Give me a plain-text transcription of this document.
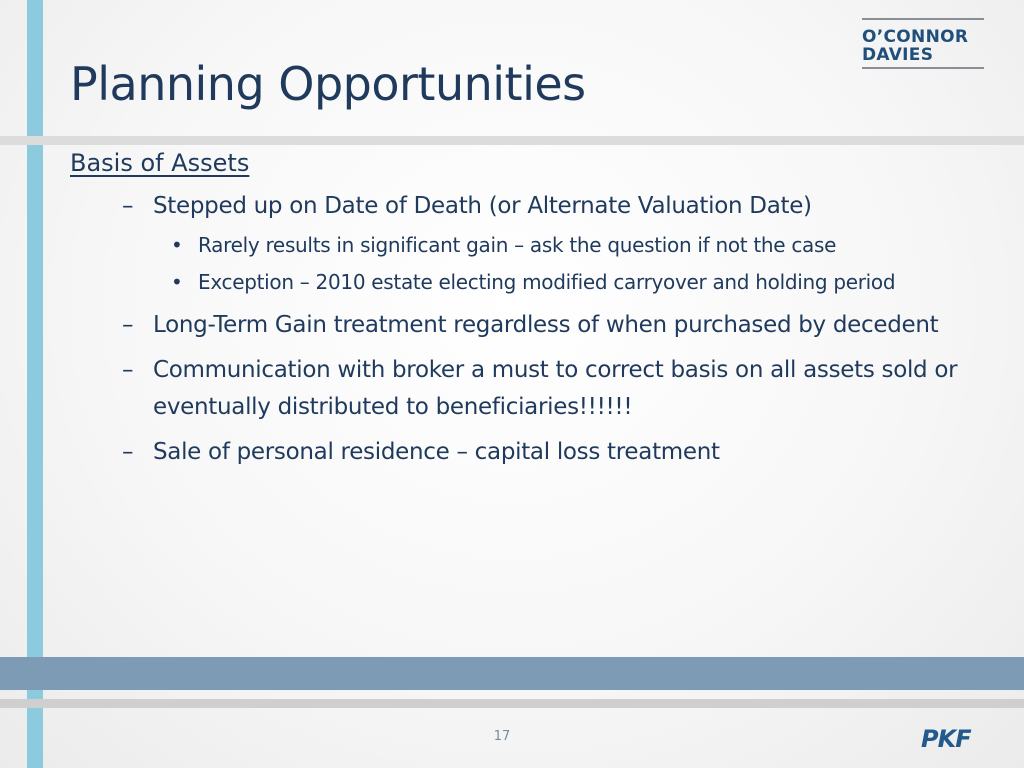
Planning Opportunities
O’CONNOR
DAVIES
Basis of Assets
– Stepped up on Date of Death (or Alternate Valuation Date)
• Rarely results in significant gain – ask the question if not the case
• Exception – 2010 estate electing modified carryover and holding period
– Long-Term Gain treatment regardless of when purchased by decedent
– Communication with broker a must to correct basis on all assets sold or eventually distributed to beneficiaries!!!!!!
– Sale of personal residence – capital loss treatment
17	PKF
